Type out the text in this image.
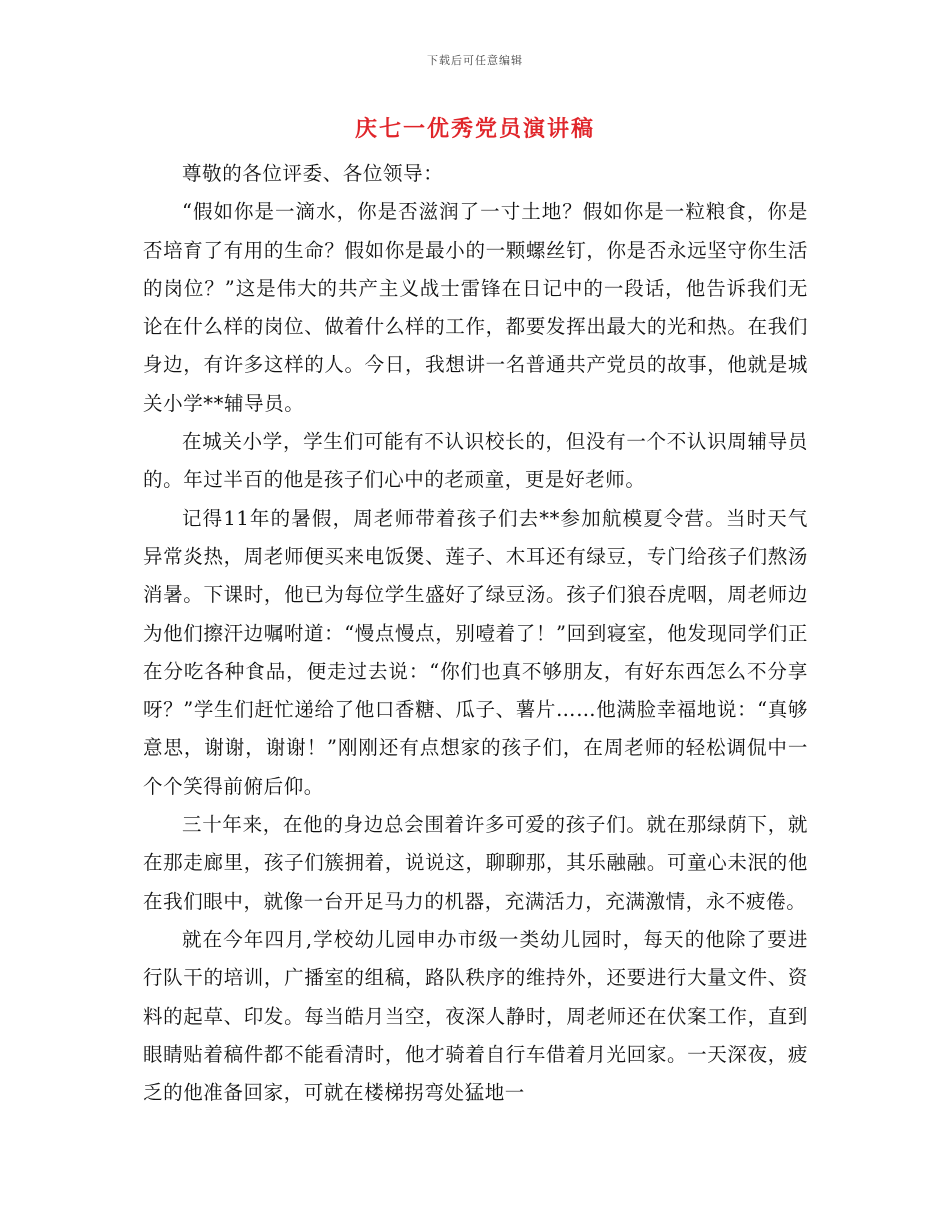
下载后可任意编辑
庆七一优秀党员演讲稿

尊敬的各位评委、各位领导：

“假如你是一滴水，你是否滋润了一寸土地？假如你是一粒粮食，你是否培育了有用的生命？假如你是最小的一颗螺丝钉，你是否永远坚守你生活的岗位？”这是伟大的共产主义战士雷锋在日记中的一段话，他告诉我们无论在什么样的岗位、做着什么样的工作，都要发挥出最大的光和热。在我们身边，有许多这样的人。今日，我想讲一名普通共产党员的故事，他就是城关小学**辅导员。

在城关小学，学生们可能有不认识校长的，但没有一个不认识周辅导员的。年过半百的他是孩子们心中的老顽童，更是好老师。

记得11年的暑假，周老师带着孩子们去**参加航模夏令营。当时天气异常炎热，周老师便买来电饭煲、莲子、木耳还有绿豆，专门给孩子们熬汤消暑。下课时，他已为每位学生盛好了绿豆汤。孩子们狼吞虎咽，周老师边为他们擦汗边嘱咐道：“慢点慢点，别噎着了！”回到寝室，他发现同学们正在分吃各种食品，便走过去说：“你们也真不够朋友，有好东西怎么不分享呀？”学生们赶忙递给了他口香糖、瓜子、薯片……他满脸幸福地说：“真够意思，谢谢，谢谢！”刚刚还有点想家的孩子们，在周老师的轻松调侃中一个个笑得前俯后仰。

三十年来，在他的身边总会围着许多可爱的孩子们。就在那绿荫下，就在那走廊里，孩子们簇拥着，说说这，聊聊那，其乐融融。可童心未泯的他在我们眼中，就像一台开足马力的机器，充满活力，充满激情，永不疲倦。

就在今年四月,学校幼儿园申办市级一类幼儿园时，每天的他除了要进行队干的培训，广播室的组稿，路队秩序的维持外，还要进行大量文件、资料的起草、印发。每当皓月当空，夜深人静时，周老师还在伏案工作，直到眼睛贴着稿件都不能看清时，他才骑着自行车借着月光回家。一天深夜，疲乏的他准备回家，可就在楼梯拐弯处猛地一
